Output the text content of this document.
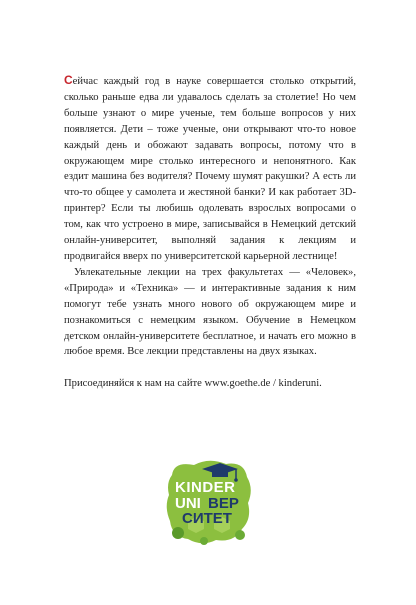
Сейчас каждый год в науке совершается столько открытий, сколько раньше едва ли удавалось сделать за столетие! Но чем больше узнают о мире ученые, тем больше вопросов у них появляется. Дети – тоже ученые, они открывают что-то новое каждый день и обожают задавать вопросы, потому что в окружающем мире столько интересного и непонятного. Как ездит машина без водителя? Почему шумят ракушки? А есть ли что-то общее у самолета и жестяной банки? И как работает 3D-принтер? Если ты любишь одолевать взрослых вопросами о том, как что устроено в мире, записывайся в Немецкий детский онлайн-университет, выполняй задания к лекциям и продвигайся вверх по университетской карьерной лестнице!

Увлекательные лекции на трех факультетах — «Человек», «Природа» и «Техника» — и интерактивные задания к ним помогут тебе узнать много нового об окружающем мире и познакомиться с немецким языком. Обучение в Немецком детском онлайн-университете бесплатное, и начать его можно в любое время. Все лекции представлены на двух языках.

Присоединяйся к нам на сайте www.goethe.de / kinderuni.

KINDER
UNI ВЕР
СИТЕТ
